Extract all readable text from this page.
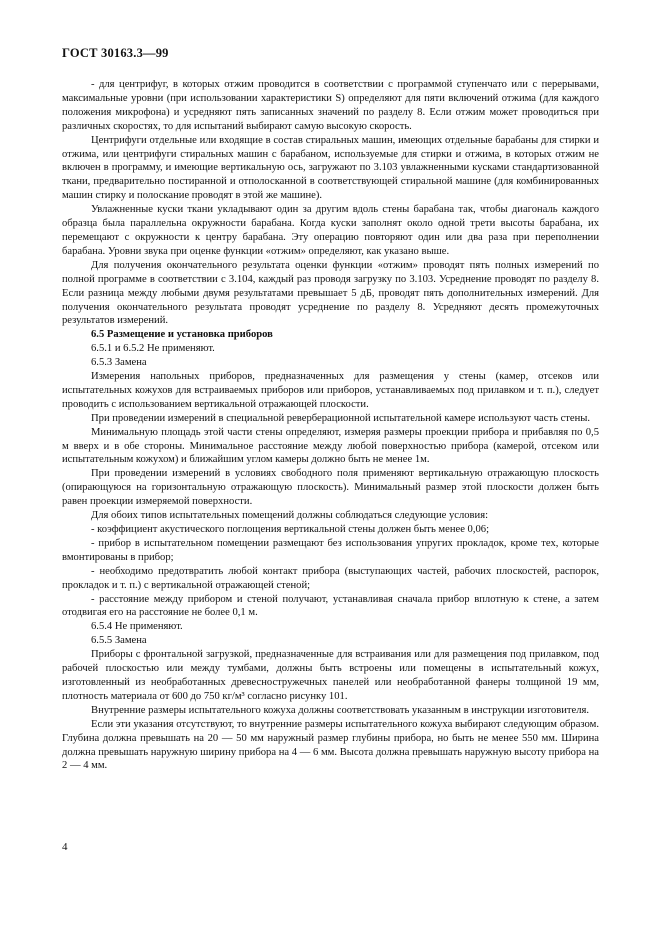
ГОСТ 30163.3—99

- для центрифуг, в которых отжим проводится в соответствии с программой ступенчато или с перерывами, максимальные уровни (при использовании характеристики S) определяют для пяти включений отжима (для каждого положения микрофона) и усредняют пять записанных значений по разделу 8. Если отжим может проводиться при различных скоростях, то для испытаний выбирают самую высокую скорость.

Центрифуги отдельные или входящие в состав стиральных машин, имеющих отдельные барабаны для стирки и отжима, или центрифуги стиральных машин с барабаном, используемые для стирки и отжима, в которых отжим не включен в программу, и имеющие вертикальную ось, загружают по 3.103 увлажненными кусками стандартизованной ткани, предварительно постиранной и отполосканной в соответствующей стиральной машине (для комбинированных машин стирку и полоскание проводят в этой же машине).

Увлажненные куски ткани укладывают один за другим вдоль стены барабана так, чтобы диагональ каждого образца была параллельна окружности барабана. Когда куски заполнят около одной трети высоты барабана, их перемещают с окружности к центру барабана. Эту операцию повторяют один или два раза при переполнении барабана. Уровни звука при оценке функции «отжим» определяют, как указано выше.

Для получения окончательного результата оценки функции «отжим» проводят пять полных измерений по полной программе в соответствии с 3.104, каждый раз проводя загрузку по 3.103. Усреднение проводят по разделу 8. Если разница между любыми двумя результатами превышает 5 дБ, проводят пять дополнительных измерений. Для получения окончательного результата проводят усреднение по разделу 8. Усредняют десять промежуточных результатов измерений.

6.5 Размещение и установка приборов

6.5.1 и 6.5.2 Не применяют.

6.5.3 Замена

Измерения напольных приборов, предназначенных для размещения у стены (камер, отсеков или испытательных кожухов для встраиваемых приборов или приборов, устанавливаемых под прилавком и т. п.), следует проводить с использованием вертикальной отражающей плоскости.

При проведении измерений в специальной реверберационной испытательной камере используют часть стены.

Минимальную площадь этой части стены определяют, измеряя размеры проекции прибора и прибавляя по 0,5 м вверх и в обе стороны. Минимальное расстояние между любой поверхностью прибора (камерой, отсеком или испытательным кожухом) и ближайшим углом камеры должно быть не менее 1м.

При проведении измерений в условиях свободного поля применяют вертикальную отражающую плоскость (опирающуюся на горизонтальную отражающую плоскость). Минимальный размер этой плоскости должен быть равен проекции измеряемой поверхности.

Для обоих типов испытательных помещений должны соблюдаться следующие условия:

- коэффициент акустического поглощения вертикальной стены должен быть менее 0,06;

- прибор в испытательном помещении размещают без использования упругих прокладок, кроме тех, которые вмонтированы в прибор;

- необходимо предотвратить любой контакт прибора (выступающих частей, рабочих плоскостей, распорок, прокладок и т. п.) с вертикальной отражающей стеной;

- расстояние между прибором и стеной получают, устанавливая сначала прибор вплотную к стене, а затем отодвигая его на расстояние не более 0,1 м.

6.5.4 Не применяют.

6.5.5 Замена

Приборы с фронтальной загрузкой, предназначенные для встраивания или для размещения под прилавком, под рабочей плоскостью или между тумбами, должны быть встроены или помещены в испытательный кожух, изготовленный из необработанных древесностружечных панелей или необработанной фанеры толщиной 19 мм, плотность материала от 600 до 750 кг/м³ согласно рисунку 101.

Внутренние размеры испытательного кожуха должны соответствовать указанным в инструкции изготовителя.

Если эти указания отсутствуют, то внутренние размеры испытательного кожуха выбирают следующим образом. Глубина должна превышать на 20 — 50 мм наружный размер глубины прибора, но быть не менее 550 мм. Ширина должна превышать наружную ширину прибора на 4 — 6 мм. Высота должна превышать наружную высоту прибора на 2 — 4 мм.

4
